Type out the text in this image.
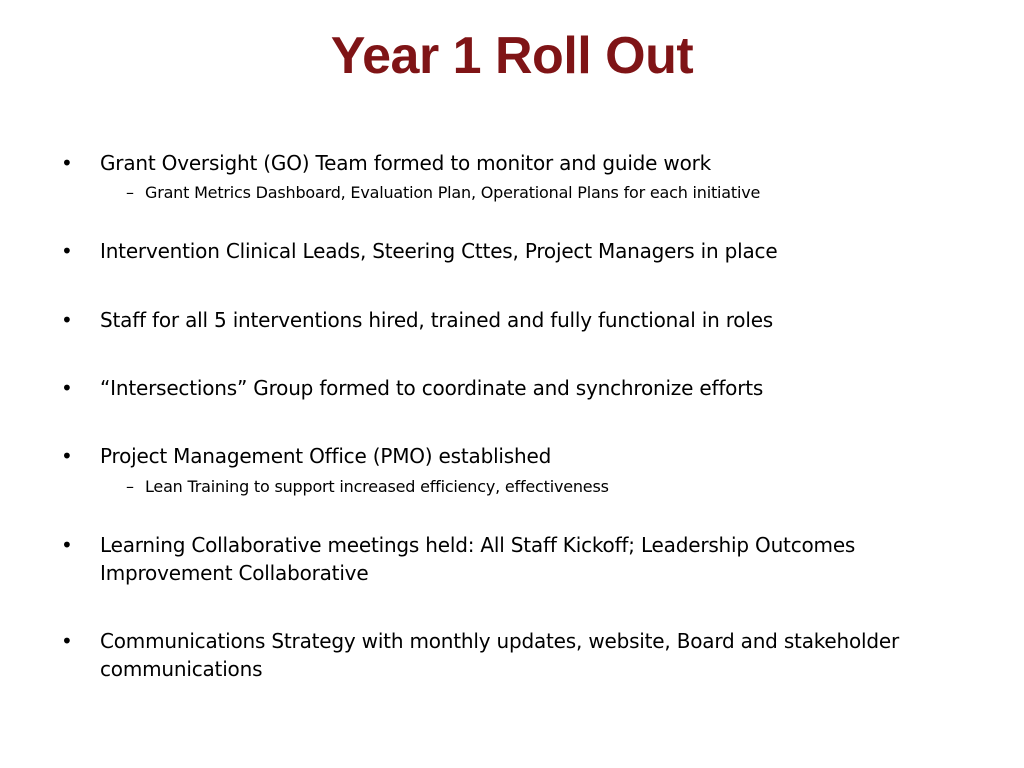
Year 1 Roll Out
• Grant Oversight (GO) Team formed to monitor and guide work
– Grant Metrics Dashboard, Evaluation Plan, Operational Plans for each initiative
• Intervention Clinical Leads, Steering Cttes, Project Managers in place
• Staff for all 5 interventions hired, trained and fully functional in roles
• “Intersections” Group formed to coordinate and synchronize efforts
• Project Management Office (PMO) established
– Lean Training to support increased efficiency, effectiveness
• Learning Collaborative meetings held: All Staff Kickoff; Leadership Outcomes Improvement Collaborative
• Communications Strategy with monthly updates, website, Board and stakeholder communications
